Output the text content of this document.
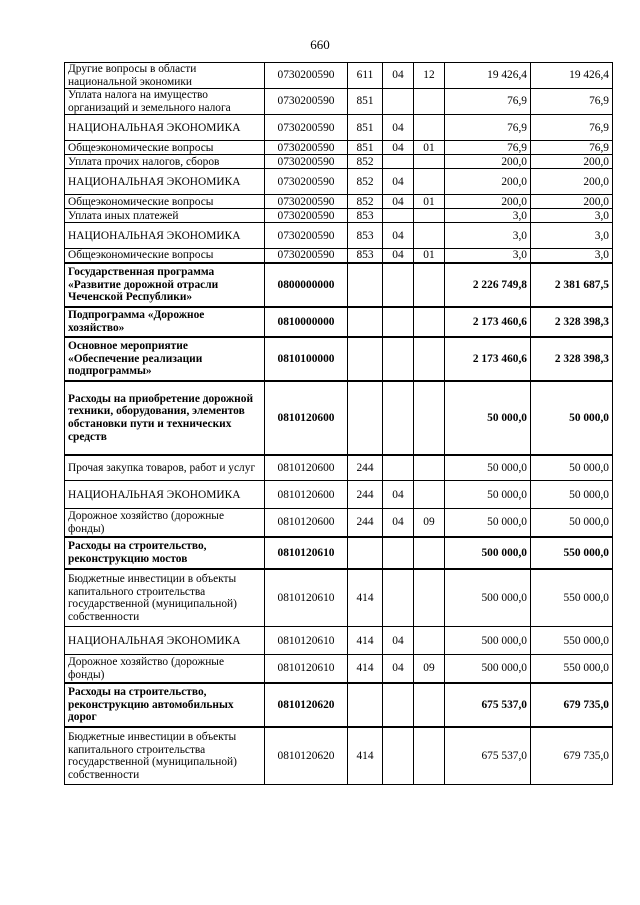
660
Другие вопросы в области национальной экономики	0730200590	611	04	12	19 426,4	19 426,4
Уплата налога на имущество организаций и земельного налога	0730200590	851			76,9	76,9
НАЦИОНАЛЬНАЯ ЭКОНОМИКА	0730200590	851	04		76,9	76,9
Общеэкономические вопросы	0730200590	851	04	01	76,9	76,9
Уплата прочих налогов, сборов	0730200590	852			200,0	200,0
НАЦИОНАЛЬНАЯ ЭКОНОМИКА	0730200590	852	04		200,0	200,0
Общеэкономические вопросы	0730200590	852	04	01	200,0	200,0
Уплата иных платежей	0730200590	853			3,0	3,0
НАЦИОНАЛЬНАЯ ЭКОНОМИКА	0730200590	853	04		3,0	3,0
Общеэкономические вопросы	0730200590	853	04	01	3,0	3,0
Государственная программа «Развитие дорожной отрасли Чеченской Республики»	0800000000				2 226 749,8	2 381 687,5
Подпрограмма «Дорожное хозяйство»	0810000000				2 173 460,6	2 328 398,3
Основное мероприятие «Обеспечение реализации подпрограммы»	0810100000				2 173 460,6	2 328 398,3
Расходы на приобретение дорожной техники, оборудования, элементов обстановки пути и технических средств	0810120600				50 000,0	50 000,0
Прочая закупка товаров, работ и услуг	0810120600	244			50 000,0	50 000,0
НАЦИОНАЛЬНАЯ ЭКОНОМИКА	0810120600	244	04		50 000,0	50 000,0
Дорожное хозяйство (дорожные фонды)	0810120600	244	04	09	50 000,0	50 000,0
Расходы на строительство, реконструкцию мостов	0810120610				500 000,0	550 000,0
Бюджетные инвестиции в объекты капитального строительства государственной (муниципальной) собственности	0810120610	414			500 000,0	550 000,0
НАЦИОНАЛЬНАЯ ЭКОНОМИКА	0810120610	414	04		500 000,0	550 000,0
Дорожное хозяйство (дорожные фонды)	0810120610	414	04	09	500 000,0	550 000,0
Расходы на строительство, реконструкцию автомобильных дорог	0810120620				675 537,0	679 735,0
Бюджетные инвестиции в объекты капитального строительства государственной (муниципальной) собственности	0810120620	414			675 537,0	679 735,0
